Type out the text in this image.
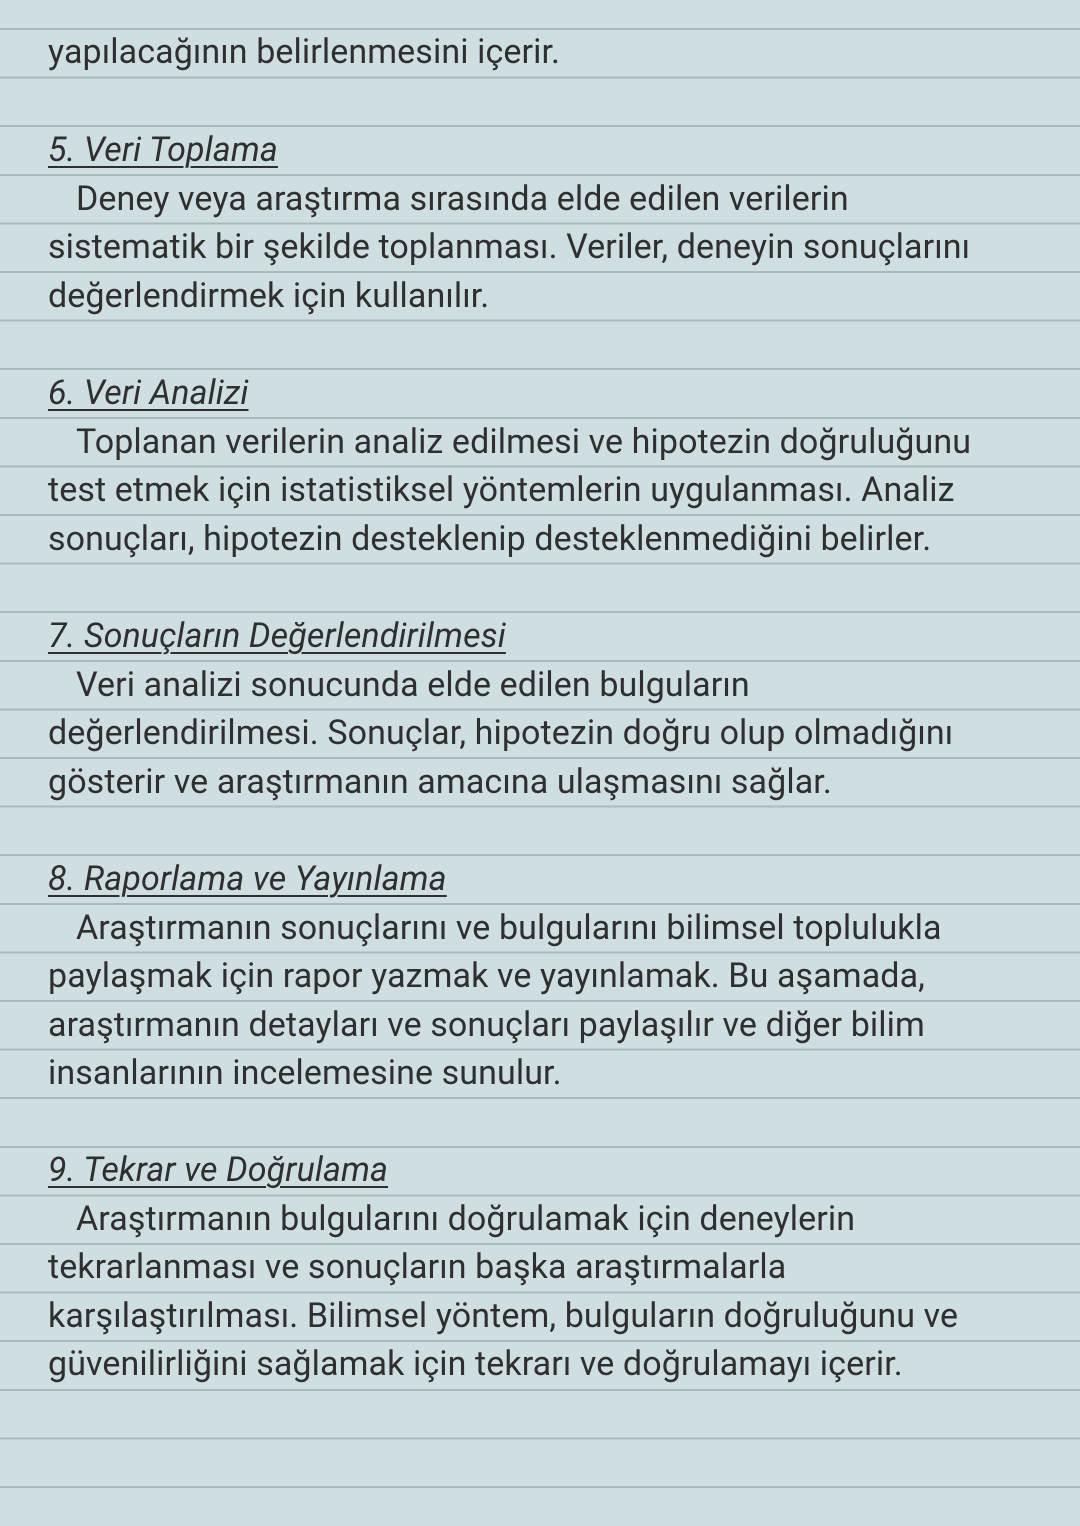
yapılacağının belirlenmesini içerir.
5. Veri Toplama
Deney veya araştırma sırasında elde edilen verilerin
sistematik bir şekilde toplanması. Veriler, deneyin sonuçlarını
değerlendirmek için kullanılır.
6. Veri Analizi
Toplanan verilerin analiz edilmesi ve hipotezin doğruluğunu
test etmek için istatistiksel yöntemlerin uygulanması. Analiz
sonuçları, hipotezin desteklenip desteklenmediğini belirler.
7. Sonuçların Değerlendirilmesi
Veri analizi sonucunda elde edilen bulguların
değerlendirilmesi. Sonuçlar, hipotezin doğru olup olmadığını
gösterir ve araştırmanın amacına ulaşmasını sağlar.
8. Raporlama ve Yayınlama
Araştırmanın sonuçlarını ve bulgularını bilimsel toplulukla
paylaşmak için rapor yazmak ve yayınlamak. Bu aşamada,
araştırmanın detayları ve sonuçları paylaşılır ve diğer bilim
insanlarının incelemesine sunulur.
9. Tekrar ve Doğrulama
Araştırmanın bulgularını doğrulamak için deneylerin
tekrarlanması ve sonuçların başka araştırmalarla
karşılaştırılması. Bilimsel yöntem, bulguların doğruluğunu ve
güvenilirliğini sağlamak için tekrarı ve doğrulamayı içerir.
